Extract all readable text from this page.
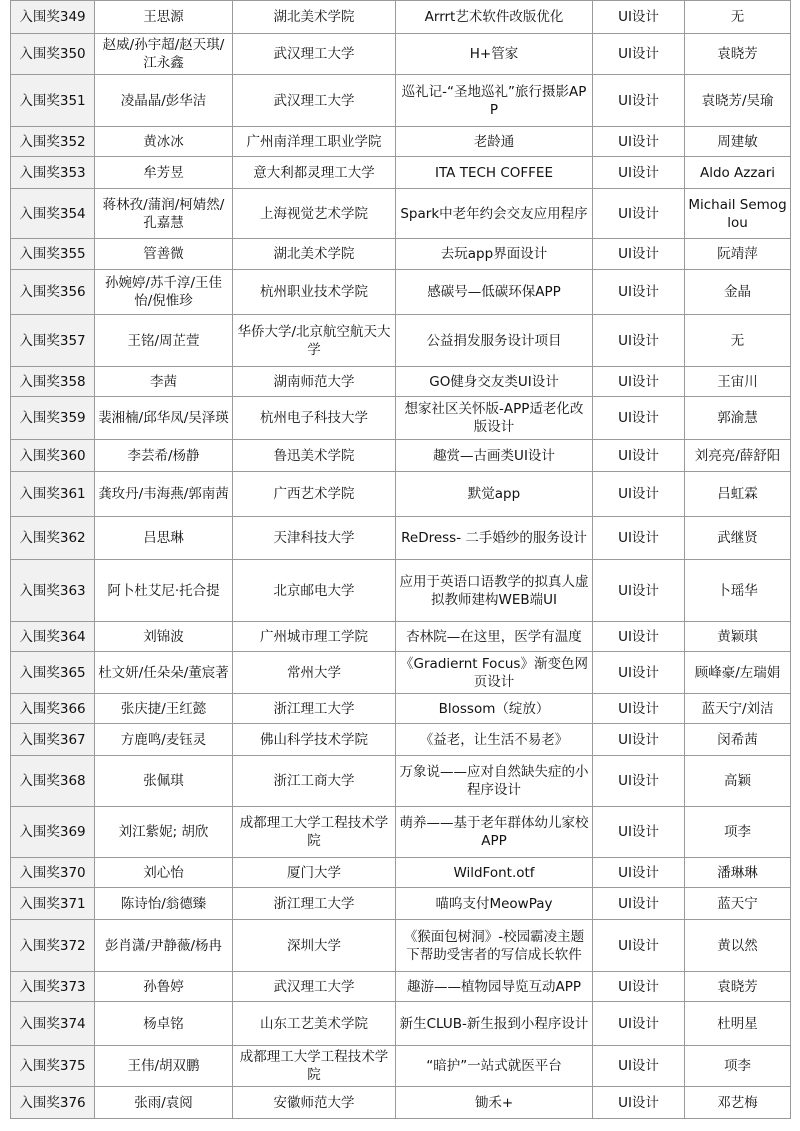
入围奖349	王思源	湖北美术学院	Arrrt艺术软件改版优化	UI设计	无
入围奖350	赵威/孙宇超/赵天琪/江永鑫	武汉理工大学	H+管家	UI设计	袁晓芳
入围奖351	凌晶晶/彭华洁	武汉理工大学	巡礼记-“圣地巡礼”旅行摄影APP	UI设计	袁晓芳/吴瑜
入围奖352	黄冰冰	广州南洋理工职业学院	老龄通	UI设计	周建敏
入围奖353	牟芳昱	意大利都灵理工大学	ITA TECH COFFEE	UI设计	Aldo Azzari
入围奖354	蒋林孜/蒲润/柯婧然/孔嘉慧	上海视觉艺术学院	Spark中老年约会交友应用程序	UI设计	Michail Semoglou
入围奖355	管善微	湖北美术学院	去玩app界面设计	UI设计	阮靖萍
入围奖356	孙婉婷/苏千淳/王佳怡/倪惟珍	杭州职业技术学院	感碳号—低碳环保APP	UI设计	金晶
入围奖357	王铭/周芷萱	华侨大学/北京航空航天大学	公益捐发服务设计项目	UI设计	无
入围奖358	李茜	湖南师范大学	GO健身交友类UI设计	UI设计	王宙川
入围奖359	裴湘楠/邱华凤/吴泽瑛	杭州电子科技大学	想家社区关怀版-APP适老化改版设计	UI设计	郭渝慧
入围奖360	李芸希/杨静	鲁迅美术学院	趣赏—古画类UI设计	UI设计	刘亮亮/薛舒阳
入围奖361	龚玫丹/韦海燕/郭南茜	广西艺术学院	默觉app	UI设计	吕虹霖
入围奖362	吕思琳	天津科技大学	ReDress- 二手婚纱的服务设计	UI设计	武继贤
入围奖363	阿卜杜艾尼·托合提	北京邮电大学	应用于英语口语教学的拟真人虚拟教师建构WEB端UI	UI设计	卜瑶华
入围奖364	刘锦波	广州城市理工学院	杏林院—在这里，医学有温度	UI设计	黄颖琪
入围奖365	杜文妍/任朵朵/董宸著	常州大学	《Gradiernt Focus》渐变色网页设计	UI设计	顾峰豪/左瑞娟
入围奖366	张庆捷/王红懿	浙江理工大学	Blossom（绽放）	UI设计	蓝天宁/刘洁
入围奖367	方鹿鸣/麦钰灵	佛山科学技术学院	《益老，让生活不易老》	UI设计	闵希茜
入围奖368	张佩琪	浙江工商大学	万象说——应对自然缺失症的小程序设计	UI设计	高颖
入围奖369	刘江紫妮; 胡欣	成都理工大学工程技术学院	萌养——基于老年群体幼儿家校APP	UI设计	项李
入围奖370	刘心怡	厦门大学	WildFont.otf	UI设计	潘琳琳
入围奖371	陈诗怡/翁德臻	浙江理工大学	喵呜支付MeowPay	UI设计	蓝天宁
入围奖372	彭肖潇/尹静薇/杨冉	深圳大学	《猴面包树洞》-校园霸凌主题下帮助受害者的写信成长软件	UI设计	黄以然
入围奖373	孙鲁婷	武汉理工大学	趣游——植物园导览互动APP	UI设计	袁晓芳
入围奖374	杨卓铭	山东工艺美术学院	新生CLUB-新生报到小程序设计	UI设计	杜明星
入围奖375	王伟/胡双鹏	成都理工大学工程技术学院	“暗护”一站式就医平台	UI设计	项李
入围奖376	张雨/袁阅	安徽师范大学	锄禾+	UI设计	邓艺梅
